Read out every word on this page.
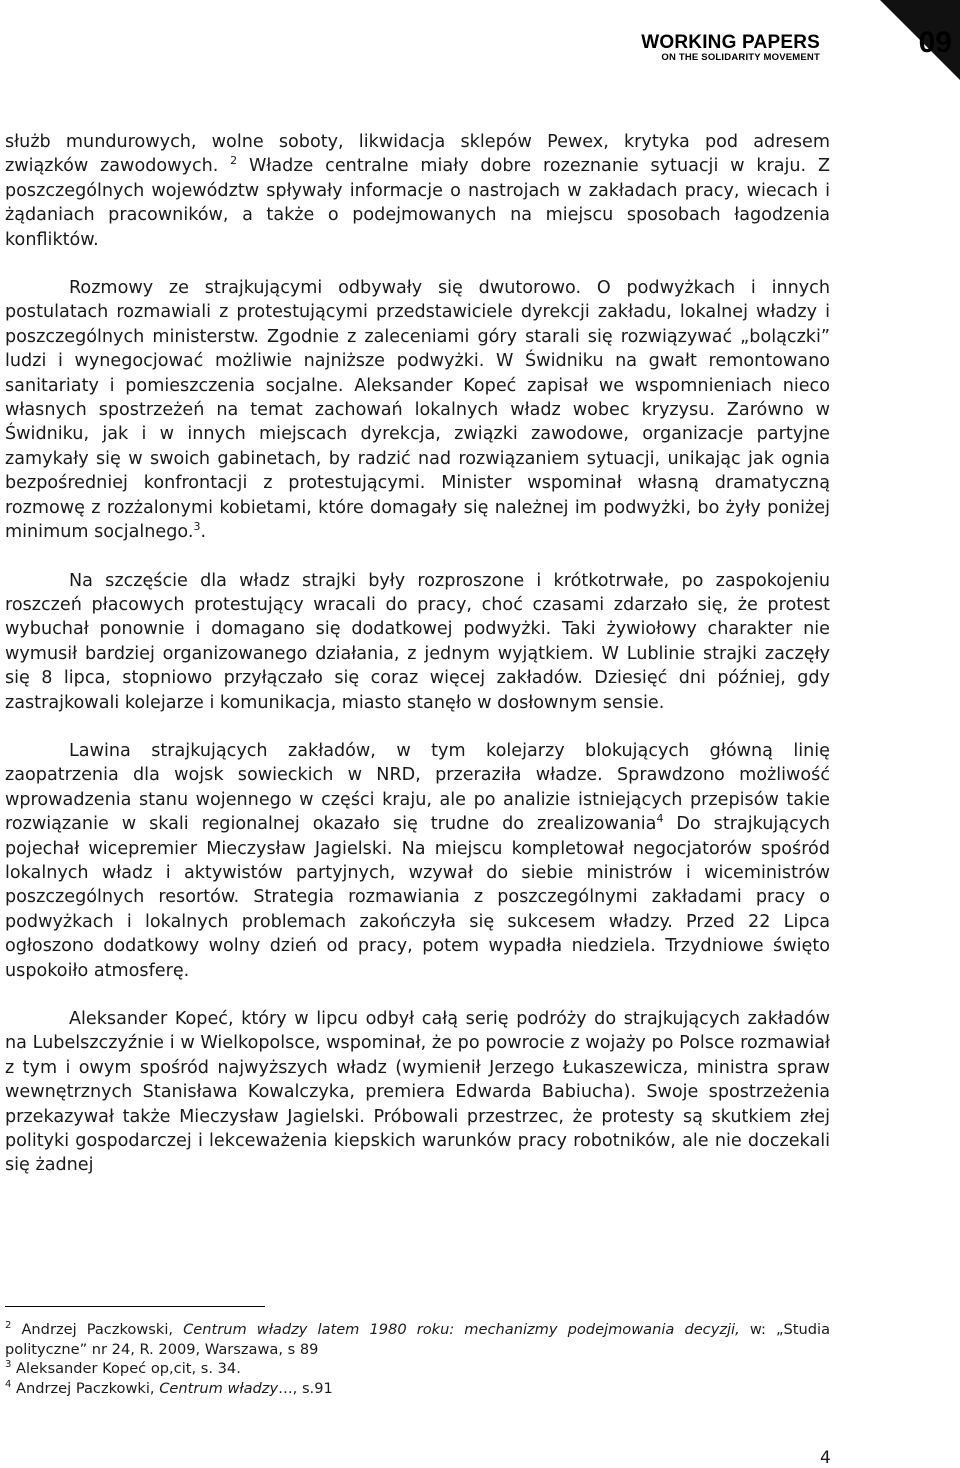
WORKING PAPERS
ON THE SOLIDARITY MOVEMENT	09

służb mundurowych, wolne soboty, likwidacja sklepów Pewex, krytyka pod adresem związków zawodowych. $^2$ Władze centralne miały dobre rozeznanie sytuacji w kraju. Z poszczególnych województw spływały informacje o nastrojach w zakładach pracy, wiecach i żądaniach pracowników, a także o podejmowanych na miejscu sposobach łagodzenia konfliktów.

Rozmowy ze strajkującymi odbywały się dwutorowo. O podwyżkach i innych postulatach rozmawiali z protestującymi przedstawiciele dyrekcji zakładu, lokalnej władzy i poszczególnych ministerstw. Zgodnie z zaleceniami góry starali się rozwiązywać „bolączki” ludzi i wynegocjować możliwie najniższe podwyżki. W Świdniku na gwałt remontowano sanitariaty i pomieszczenia socjalne. Aleksander Kopeć zapisał we wspomnieniach nieco własnych spostrzeżeń na temat zachowań lokalnych władz wobec kryzysu. Zarówno w Świdniku, jak i w innych miejscach dyrekcja, związki zawodowe, organizacje partyjne zamykały się w swoich gabinetach, by radzić nad rozwiązaniem sytuacji, unikając jak ognia bezpośredniej konfrontacji z protestującymi. Minister wspominał własną dramatyczną rozmowę z rozżalonymi kobietami, które domagały się należnej im podwyżki, bo żyły poniżej minimum socjalnego.$^3$.

Na szczęście dla władz strajki były rozproszone i krótkotrwałe, po zaspokojeniu roszczeń płacowych protestujący wracali do pracy, choć czasami zdarzało się, że protest wybuchał ponownie i domagano się dodatkowej podwyżki. Taki żywiołowy charakter nie wymusił bardziej organizowanego działania, z jednym wyjątkiem. W Lublinie strajki zaczęły się 8 lipca, stopniowo przyłączało się coraz więcej zakładów. Dziesięć dni później, gdy zastrajkowali kolejarze i komunikacja, miasto stanęło w dosłownym sensie.

Lawina strajkujących zakładów, w tym kolejarzy blokujących główną linię zaopatrzenia dla wojsk sowieckich w NRD, przeraziła władze. Sprawdzono możliwość wprowadzenia stanu wojennego w części kraju, ale po analizie istniejących przepisów takie rozwiązanie w skali regionalnej okazało się trudne do zrealizowania$^4$ Do strajkujących pojechał wicepremier Mieczysław Jagielski. Na miejscu kompletował negocjatorów spośród lokalnych władz i aktywistów partyjnych, wzywał do siebie ministrów i wiceministrów poszczególnych resortów. Strategia rozmawiania z poszczególnymi zakładami pracy o podwyżkach i lokalnych problemach zakończyła się sukcesem władzy. Przed 22 Lipca ogłoszono dodatkowy wolny dzień od pracy, potem wypadła niedziela. Trzydniowe święto uspokoiło atmosferę.

Aleksander Kopeć, który w lipcu odbył całą serię podróży do strajkujących zakładów na Lubelszczyźnie i w Wielkopolsce, wspominał, że po powrocie z wojaży po Polsce rozmawiał z tym i owym spośród najwyższych władz (wymienił Jerzego Łukaszewicza, ministra spraw wewnętrznych Stanisława Kowalczyka, premiera Edwarda Babiucha). Swoje spostrzeżenia przekazywał także Mieczysław Jagielski. Próbowali przestrzec, że protesty są skutkiem złej polityki gospodarczej i lekceważenia kiepskich warunków pracy robotników, ale nie doczekali się żadnej

$^2$ Andrzej Paczkowski, Centrum władzy latem 1980 roku: mechanizmy podejmowania decyzji, w: „Studia polityczne” nr 24, R. 2009, Warszawa, s 89

$^3$ Aleksander Kopeć op,cit, s. 34.

$^4$ Andrzej Paczkowki, Centrum władzy…, s.91

4
